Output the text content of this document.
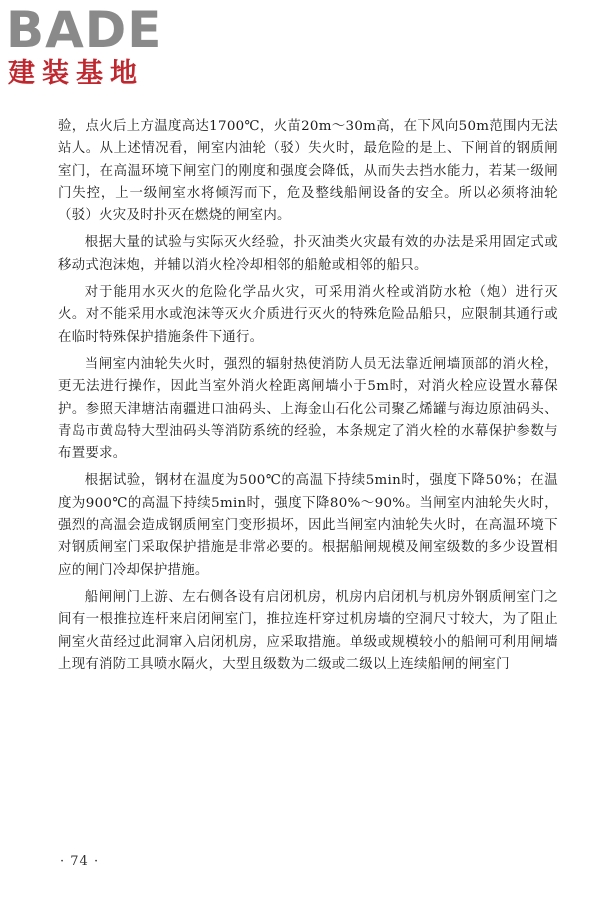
BADE
建装基地

验，点火后上方温度高达1700℃，火苗20m～30m高，在下风向50m范围内无法站人。从上述情况看，闸室内油轮（驳）失火时，最危险的是上、下闸首的钢质闸室门，在高温环境下闸室门的刚度和强度会降低，从而失去挡水能力，若某一级闸门失控，上一级闸室水将倾泻而下，危及整线船闸设备的安全。所以必须将油轮（驳）火灾及时扑灭在燃烧的闸室内。

根据大量的试验与实际灭火经验，扑灭油类火灾最有效的办法是采用固定式或移动式泡沫炮，并辅以消火栓冷却相邻的船舱或相邻的船只。

对于能用水灭火的危险化学品火灾，可采用消火栓或消防水枪（炮）进行灭火。对不能采用水或泡沫等灭火介质进行灭火的特殊危险品船只，应限制其通行或在临时特殊保护措施条件下通行。

当闸室内油轮失火时，强烈的辐射热使消防人员无法靠近闸墙顶部的消火栓，更无法进行操作，因此当室外消火栓距离闸墙小于5m时，对消火栓应设置水幕保护。参照天津塘沽南疆进口油码头、上海金山石化公司聚乙烯罐与海边原油码头、青岛市黄岛特大型油码头等消防系统的经验，本条规定了消火栓的水幕保护参数与布置要求。

根据试验，钢材在温度为500℃的高温下持续5min时，强度下降50%；在温度为900℃的高温下持续5min时，强度下降80%～90%。当闸室内油轮失火时，强烈的高温会造成钢质闸室门变形损坏，因此当闸室内油轮失火时，在高温环境下对钢质闸室门采取保护措施是非常必要的。根据船闸规模及闸室级数的多少设置相应的闸门冷却保护措施。

船闸闸门上游、左右侧各设有启闭机房，机房内启闭机与机房外钢质闸室门之间有一根推拉连杆来启闭闸室门，推拉连杆穿过机房墙的空洞尺寸较大，为了阻止闸室火苗经过此洞窜入启闭机房，应采取措施。单级或规模较小的船闸可利用闸墙上现有消防工具喷水隔火，大型且级数为二级或二级以上连续船闸的闸室门

· 74 ·
